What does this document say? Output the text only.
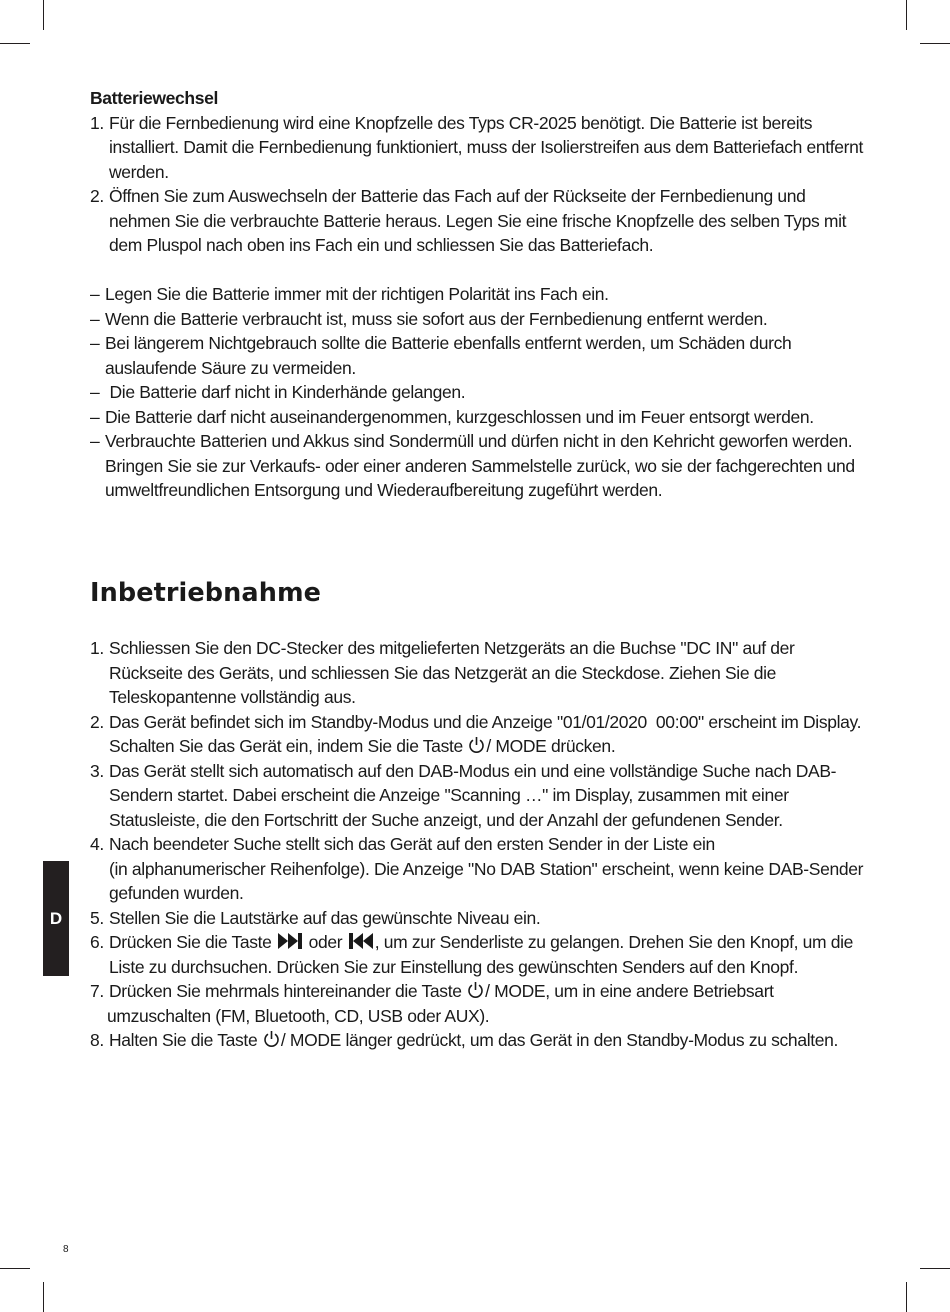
Batteriewechsel

1. Für die Fernbedienung wird eine Knopfzelle des Typs CR-2025 benötigt. Die Batterie ist bereits installiert. Damit die Fernbedienung funktioniert, muss der Isolierstreifen aus dem Batteriefach entfernt werden.
2. Öffnen Sie zum Auswechseln der Batterie das Fach auf der Rückseite der Fernbedienung und nehmen Sie die verbrauchte Batterie heraus. Legen Sie eine frische Knopfzelle des selben Typs mit dem Pluspol nach oben ins Fach ein und schliessen Sie das Batteriefach.
– Legen Sie die Batterie immer mit der richtigen Polarität ins Fach ein.
– Wenn die Batterie verbraucht ist, muss sie sofort aus der Fernbedienung entfernt werden.
– Bei längerem Nichtgebrauch sollte die Batterie ebenfalls entfernt werden, um Schäden durch auslaufende Säure zu vermeiden.
– Die Batterie darf nicht in Kinderhände gelangen.
– Die Batterie darf nicht auseinandergenommen, kurzgeschlossen und im Feuer entsorgt werden.
– Verbrauchte Batterien und Akkus sind Sondermüll und dürfen nicht in den Kehricht geworfen werden. Bringen Sie sie zur Verkaufs- oder einer anderen Sammelstelle zurück, wo sie der fachgerechten und umweltfreundlichen Entsorgung und Wiederaufbereitung zugeführt werden.
Inbetriebnahme
1. Schliessen Sie den DC-Stecker des mitgelieferten Netzgeräts an die Buchse "DC IN" auf der Rückseite des Geräts, und schliessen Sie das Netzgerät an die Steckdose. Ziehen Sie die Teleskopantenne vollständig aus.
2. Das Gerät befindet sich im Standby-Modus und die Anzeige "01/01/2020  00:00" erscheint im Display. Schalten Sie das Gerät ein, indem Sie die Taste / MODE drücken.
3. Das Gerät stellt sich automatisch auf den DAB-Modus ein und eine vollständige Suche nach DAB-Sendern startet. Dabei erscheint die Anzeige "Scanning …" im Display, zusammen mit einer Statusleiste, die den Fortschritt der Suche anzeigt, und der Anzahl der gefundenen Sender.
4. Nach beendeter Suche stellt sich das Gerät auf den ersten Sender in der Liste ein
(in alphanumerischer Reihenfolge). Die Anzeige "No DAB Station" erscheint, wenn keine DAB-Sender gefunden wurden.
5. Stellen Sie die Lautstärke auf das gewünschte Niveau ein.
6. Drücken Sie die Taste  oder , um zur Senderliste zu gelangen. Drehen Sie den Knopf, um die Liste zu durchsuchen. Drücken Sie zur Einstellung des gewünschten Senders auf den Knopf.
7. Drücken Sie mehrmals hintereinander die Taste / MODE, um in eine andere Betriebsart
umzuschalten (FM, Bluetooth, CD, USB oder AUX).
8. Halten Sie die Taste / MODE länger gedrückt, um das Gerät in den Standby-Modus zu schalten.
D
8
